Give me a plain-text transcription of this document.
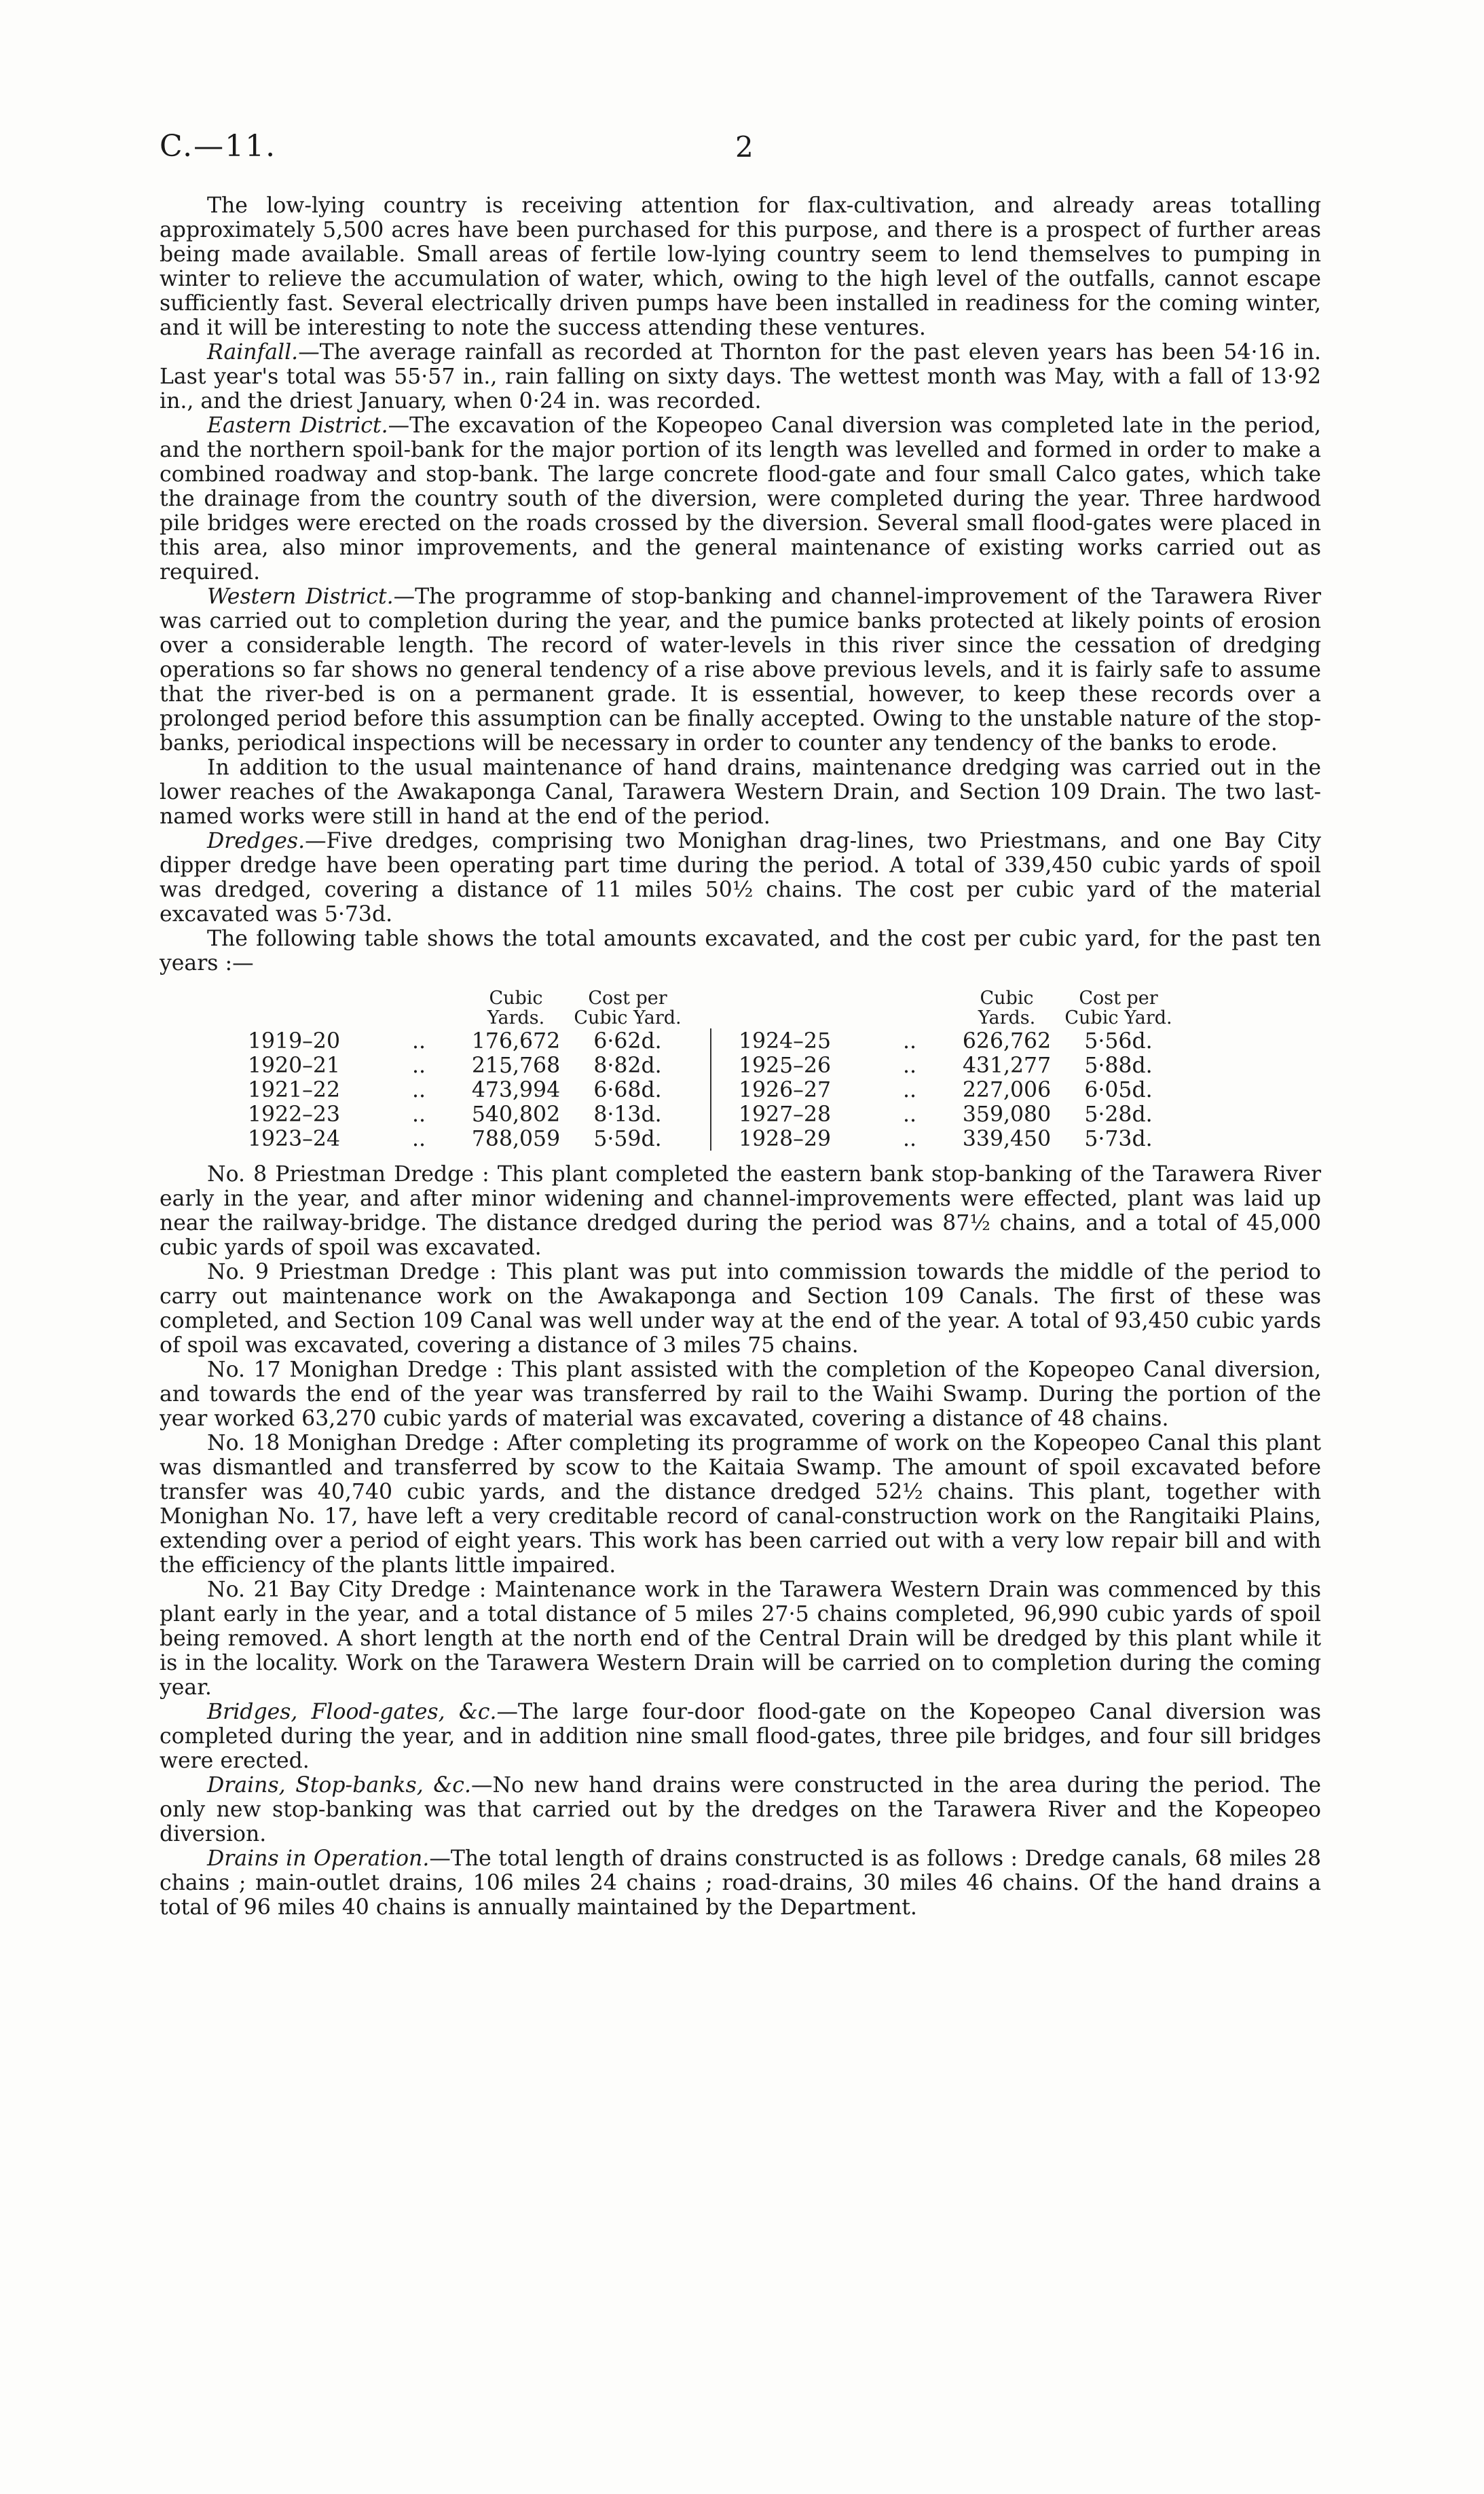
C.—11.	2

The low-lying country is receiving attention for flax-cultivation, and already areas totalling approximately 5,500 acres have been purchased for this purpose, and there is a prospect of further areas being made available. Small areas of fertile low-lying country seem to lend themselves to pumping in winter to relieve the accumulation of water, which, owing to the high level of the outfalls, cannot escape sufficiently fast. Several electrically driven pumps have been installed in readiness for the coming winter, and it will be interesting to note the success attending these ventures.

Rainfall.—The average rainfall as recorded at Thornton for the past eleven years has been 54·16 in. Last year's total was 55·57 in., rain falling on sixty days. The wettest month was May, with a fall of 13·92 in., and the driest January, when 0·24 in. was recorded.

Eastern District.—The excavation of the Kopeopeo Canal diversion was completed late in the period, and the northern spoil-bank for the major portion of its length was levelled and formed in order to make a combined roadway and stop-bank. The large concrete flood-gate and four small Calco gates, which take the drainage from the country south of the diversion, were completed during the year. Three hardwood pile bridges were erected on the roads crossed by the diversion. Several small flood-gates were placed in this area, also minor improvements, and the general maintenance of existing works carried out as required.

Western District.—The programme of stop-banking and channel-improvement of the Tarawera River was carried out to completion during the year, and the pumice banks protected at likely points of erosion over a considerable length. The record of water-levels in this river since the cessation of dredging operations so far shows no general tendency of a rise above previous levels, and it is fairly safe to assume that the river-bed is on a permanent grade. It is essential, however, to keep these records over a prolonged period before this assumption can be finally accepted. Owing to the unstable nature of the stop-banks, periodical inspections will be necessary in order to counter any tendency of the banks to erode.

In addition to the usual maintenance of hand drains, maintenance dredging was carried out in the lower reaches of the Awakaponga Canal, Tarawera Western Drain, and Section 109 Drain. The two last-named works were still in hand at the end of the period.

Dredges.—Five dredges, comprising two Monighan drag-lines, two Priestmans, and one Bay City dipper dredge have been operating part time during the period. A total of 339,450 cubic yards of spoil was dredged, covering a distance of 11 miles 50½ chains. The cost per cubic yard of the material excavated was 5·73d.

The following table shows the total amounts excavated, and the cost per cubic yard, for the past ten years :—

		Cubic Yards.	Cost per Cubic Yard.
1919–20	..	176,672	6·62d.
1920–21	..	215,768	8·82d.
1921–22	..	473,994	6·68d.
1922–23	..	540,802	8·13d.
1923–24	..	788,059	5·59d.
		Cubic Yards.	Cost per Cubic Yard.
1924–25	..	626,762	5·56d.
1925–26	..	431,277	5·88d.
1926–27	..	227,006	6·05d.
1927–28	..	359,080	5·28d.
1928–29	..	339,450	5·73d.

No. 8 Priestman Dredge : This plant completed the eastern bank stop-banking of the Tarawera River early in the year, and after minor widening and channel-improvements were effected, plant was laid up near the railway-bridge. The distance dredged during the period was 87½ chains, and a total of 45,000 cubic yards of spoil was excavated.

No. 9 Priestman Dredge : This plant was put into commission towards the middle of the period to carry out maintenance work on the Awakaponga and Section 109 Canals. The first of these was completed, and Section 109 Canal was well under way at the end of the year. A total of 93,450 cubic yards of spoil was excavated, covering a distance of 3 miles 75 chains.

No. 17 Monighan Dredge : This plant assisted with the completion of the Kopeopeo Canal diversion, and towards the end of the year was transferred by rail to the Waihi Swamp. During the portion of the year worked 63,270 cubic yards of material was excavated, covering a distance of 48 chains.

No. 18 Monighan Dredge : After completing its programme of work on the Kopeopeo Canal this plant was dismantled and transferred by scow to the Kaitaia Swamp. The amount of spoil excavated before transfer was 40,740 cubic yards, and the distance dredged 52½ chains. This plant, together with Monighan No. 17, have left a very creditable record of canal-construction work on the Rangitaiki Plains, extending over a period of eight years. This work has been carried out with a very low repair bill and with the efficiency of the plants little impaired.

No. 21 Bay City Dredge : Maintenance work in the Tarawera Western Drain was commenced by this plant early in the year, and a total distance of 5 miles 27·5 chains completed, 96,990 cubic yards of spoil being removed. A short length at the north end of the Central Drain will be dredged by this plant while it is in the locality. Work on the Tarawera Western Drain will be carried on to completion during the coming year.

Bridges, Flood-gates, &c.—The large four-door flood-gate on the Kopeopeo Canal diversion was completed during the year, and in addition nine small flood-gates, three pile bridges, and four sill bridges were erected.

Drains, Stop-banks, &c.—No new hand drains were constructed in the area during the period. The only new stop-banking was that carried out by the dredges on the Tarawera River and the Kopeopeo diversion.

Drains in Operation.—The total length of drains constructed is as follows : Dredge canals, 68 miles 28 chains ; main-outlet drains, 106 miles 24 chains ; road-drains, 30 miles 46 chains. Of the hand drains a total of 96 miles 40 chains is annually maintained by the Department.
